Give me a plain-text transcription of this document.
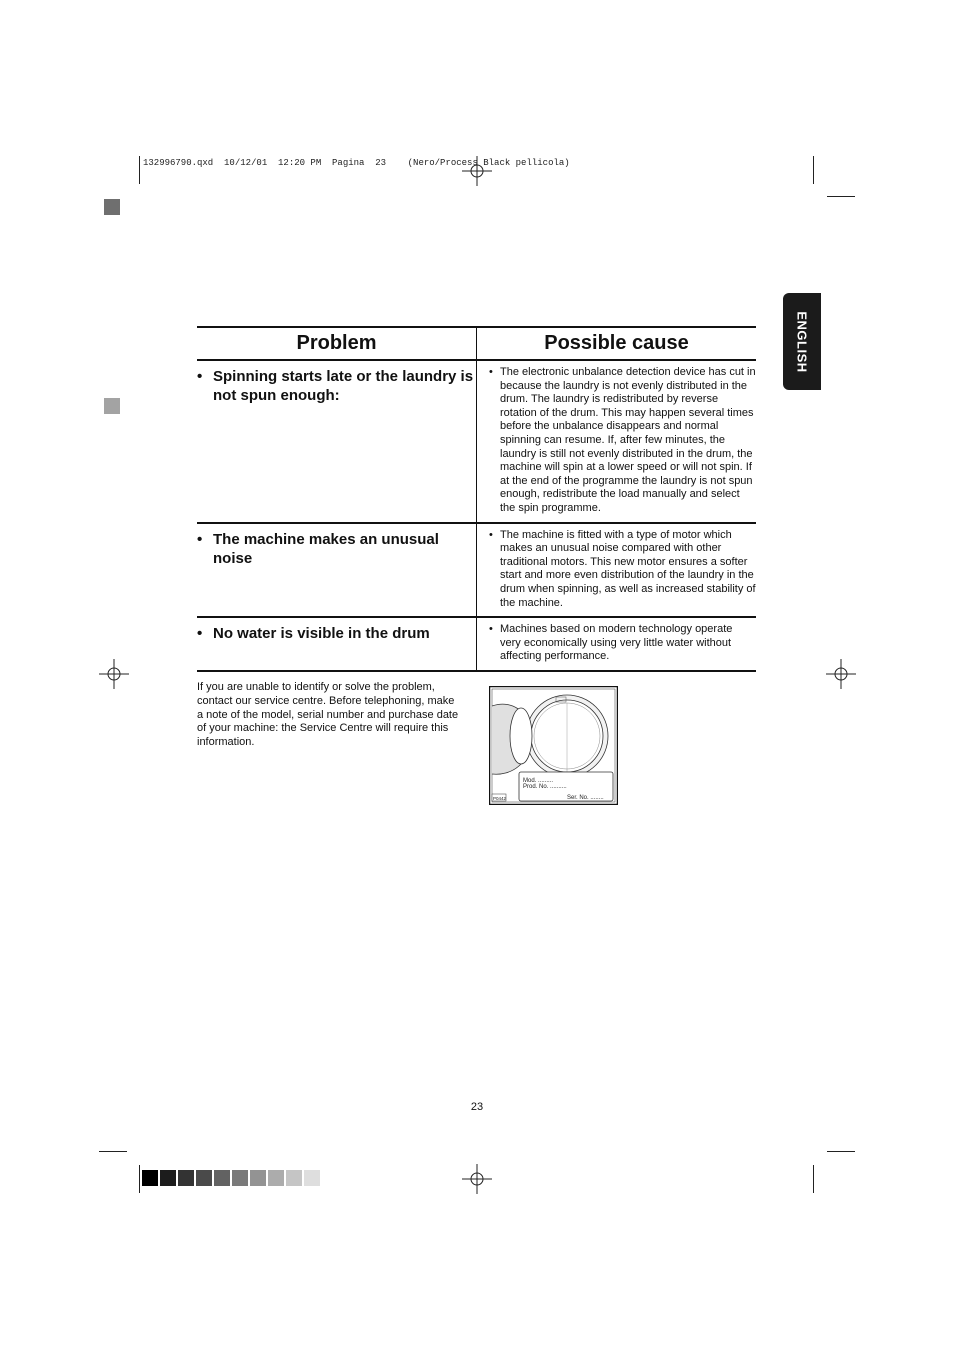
132996790.qxd  10/12/01  12:20 PM  Pagina  23    (Nero/Process Black pellicola)
ENGLISH
Problem	Possible cause

• Spinning starts late or the laundry is not spun enough:	• The electronic unbalance detection device has cut in because the laundry is not evenly distributed in the drum. The laundry is redistributed by reverse rotation of the drum. This may happen several times before the unbalance disappears and normal spinning can resume. If, after few minutes, the laundry is still not evenly distributed in the drum, the machine will spin at a lower speed or will not spin. If at the end of the programme the laundry is not spun enough, redistribute the load manually and select the spin programme.

• The machine makes an unusual noise	• The machine is fitted with a type of motor which makes an unusual noise compared with other traditional motors. This new motor ensures a softer start and more even distribution of the laundry in the drum when spinning, as well as increased stability of the machine.

• No water is visible in the drum	• Machines based on modern technology operate very economically using very little water without affecting performance.
If you are unable to identify or solve the problem, contact our service centre. Before telephoning, make a note of the model, serial number and purchase date of your machine: the Service Centre will require this information.
Mod. .........
Prod. No. ..........
Ser. No. ........
P0442
23
